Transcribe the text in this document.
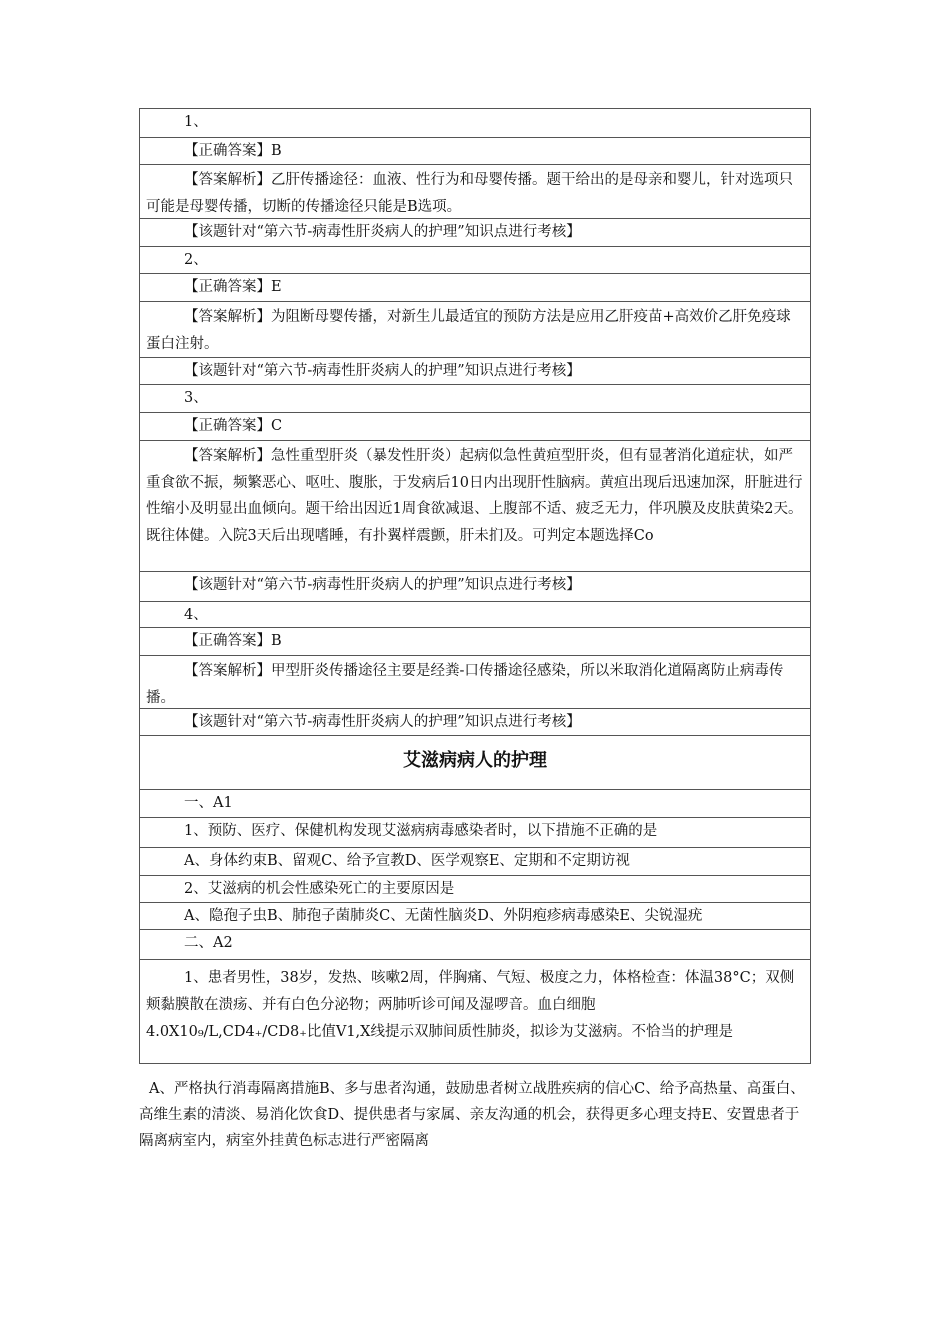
1、
【正确答案】B
【答案解析】乙肝传播途径：血液、性行为和母婴传播。题干给出的是母亲和婴儿，针对选项只可能是母婴传播，切断的传播途径只能是B选项。
【该题针对“第六节-病毒性肝炎病人的护理”知识点进行考核】
2、
【正确答案】E
【答案解析】为阻断母婴传播，对新生儿最适宜的预防方法是应用乙肝疫苗+高效价乙肝免疫球蛋白注射。
【该题针对“第六节-病毒性肝炎病人的护理”知识点进行考核】
3、
【正确答案】C
【答案解析】急性重型肝炎（暴发性肝炎）起病似急性黄疸型肝炎，但有显著消化道症状，如严重食欲不振，频繁恶心、呕吐、腹胀，于发病后10日内出现肝性脑病。黄疸出现后迅速加深，肝脏进行性缩小及明显出血倾向。题干给出因近1周食欲减退、上腹部不适、疲乏无力，伴巩膜及皮肤黄染2天。既往体健。入院3天后出现嗜睡，有扑翼样震颤，肝未扪及。可判定本题选择Co
【该题针对“第六节-病毒性肝炎病人的护理”知识点进行考核】
4、
【正确答案】B
【答案解析】甲型肝炎传播途径主要是经粪-口传播途径感染，所以米取消化道隔离防止病毒传播。
【该题针对“第六节-病毒性肝炎病人的护理”知识点进行考核】
艾滋病病人的护理
一、A1
1、预防、医疗、保健机构发现艾滋病病毒感染者时，以下措施不正确的是
A、身体约束B、留观C、给予宣教D、医学观察E、定期和不定期访视
2、艾滋病的机会性感染死亡的主要原因是
A、隐孢子虫B、肺孢子菌肺炎C、无菌性脑炎D、外阴疱疹病毒感染E、尖锐湿疣
二、A2
1、患者男性，38岁，发热、咳嗽2周，伴胸痛、气短、极度之力，体格检查：体温38°C；双侧颊黏膜散在溃疡、并有白色分泌物；两肺听诊可闻及湿啰音。血白细胞
4.0X10₉/L,CD4₊/CD8₊比值V1,X线提示双肺间质性肺炎，拟诊为艾滋病。不恰当的护理是

A、严格执行消毒隔离措施B、多与患者沟通，鼓励患者树立战胜疾病的信心C、给予高热量、高蛋白、高维生素的清淡、易消化饮食D、提供患者与家属、亲友沟通的机会，获得更多心理支持E、安置患者于隔离病室内，病室外挂黄色标志进行严密隔离
